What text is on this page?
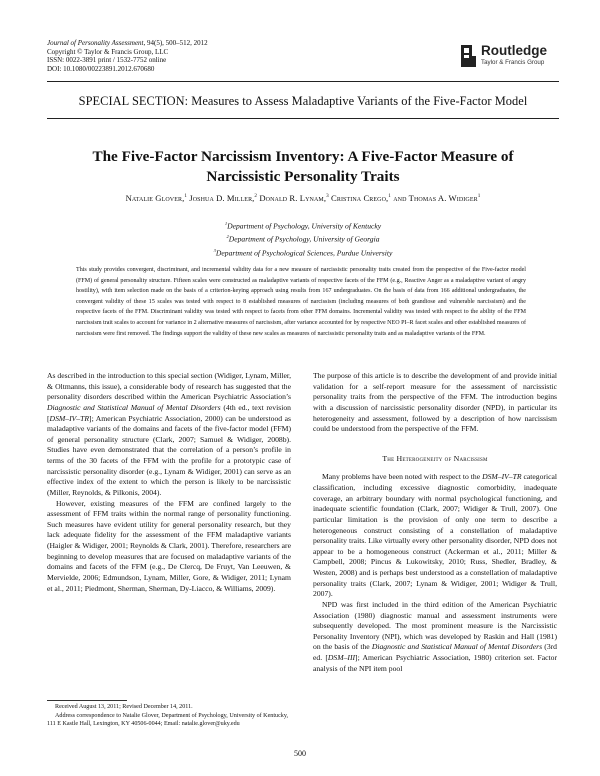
Journal of Personality Assessment, 94(5), 500–512, 2012
Copyright © Taylor & Francis Group, LLC
ISSN: 0022-3891 print / 1532-7752 online
DOI: 10.1080/00223891.2012.670680
Routledge
Taylor & Francis Group
SPECIAL SECTION: Measures to Assess Maladaptive Variants of the Five-Factor Model
The Five-Factor Narcissism Inventory: A Five-Factor Measure of
Narcissistic Personality Traits
Natalie Glover,$^1$ Joshua D. Miller,$^2$ Donald R. Lynam,$^3$ Cristina Crego,$^1$ and Thomas A. Widiger$^1$
$^1$Department of Psychology, University of Kentucky
$^2$Department of Psychology, University of Georgia
$^3$Department of Psychological Sciences, Purdue University
This study provides convergent, discriminant, and incremental validity data for a new measure of narcissistic personality traits created from the perspective of the Five-factor model (FFM) of general personality structure. Fifteen scales were constructed as maladaptive variants of respective facets of the FFM (e.g., Reactive Anger as a maladaptive variant of angry hostility), with item selection made on the basis of a criterion-keying approach using results from 167 undergraduates. On the basis of data from 166 additional undergraduates, the convergent validity of these 15 scales was tested with respect to 8 established measures of narcissism (including measures of both grandiose and vulnerable narcissism) and the respective facets of the FFM. Discriminant validity was tested with respect to facets from other FFM domains. Incremental validity was tested with respect to the ability of the FFM narcissism trait scales to account for variance in 2 alternative measures of narcissism, after variance accounted for by respective NEO PI–R facet scales and other established measures of narcissism were first removed. The findings support the validity of these new scales as measures of narcissistic personality traits and as maladaptive variants of the FFM.

As described in the introduction to this special section (Widiger, Lynam, Miller, & Oltmanns, this issue), a considerable body of research has suggested that the personality disorders described within the American Psychiatric Association’s Diagnostic and Statistical Manual of Mental Disorders (4th ed., text revision [DSM–IV–TR]; American Psychiatric Association, 2000) can be understood as maladaptive variants of the domains and facets of the five-factor model (FFM) of general personality structure (Clark, 2007; Samuel & Widiger, 2008b). Studies have even demonstrated that the correlation of a person’s profile in terms of the 30 facets of the FFM with the profile for a prototypic case of narcissistic personality disorder (e.g., Lynam & Widiger, 2001) can serve as an effective index of the extent to which the person is likely to be narcissistic (Miller, Reynolds, & Pilkonis, 2004).

However, existing measures of the FFM are confined largely to the assessment of FFM traits within the normal range of personality functioning. Such measures have evident utility for general personality research, but they lack adequate fidelity for the assessment of the FFM maladaptive variants (Haigler & Widiger, 2001; Reynolds & Clark, 2001). Therefore, researchers are beginning to develop measures that are focused on maladaptive variants of the domains and facets of the FFM (e.g., De Clercq, De Fruyt, Van Leeuwen, & Mervielde, 2006; Edmundson, Lynam, Miller, Gore, & Widiger, 2011; Lynam et al., 2011; Piedmont, Sherman, Sherman, Dy-Liacco, & Williams, 2009).

Received August 13, 2011; Revised December 14, 2011.

Address correspondence to Natalie Glover, Department of Psychology, University of Kentucky, 111 E Kastle Hall, Lexington, KY 40506-0044; Email: natalie.glover@uky.edu

The purpose of this article is to describe the development of and provide initial validation for a self-report measure for the assessment of narcissistic personality traits from the perspective of the FFM. The introduction begins with a discussion of narcissistic personality disorder (NPD), in particular its heterogeneity and assessment, followed by a description of how narcissism could be understood from the perspective of the FFM.

The Heterogeneity of Narcissism

Many problems have been noted with respect to the DSM–IV–TR categorical classification, including excessive diagnostic comorbidity, inadequate coverage, an arbitrary boundary with normal psychological functioning, and inadequate scientific foundation (Clark, 2007; Widiger & Trull, 2007). One particular limitation is the provision of only one term to describe a heterogeneous construct consisting of a constellation of maladaptive personality traits. Like virtually every other personality disorder, NPD does not appear to be a homogeneous construct (Ackerman et al., 2011; Miller & Campbell, 2008; Pincus & Lukowitsky, 2010; Russ, Shedler, Bradley, & Westen, 2008) and is perhaps best understood as a constellation of maladaptive personality traits (Clark, 2007; Lynam & Widiger, 2001; Widiger & Trull, 2007).

NPD was first included in the third edition of the American Psychiatric Association (1980) diagnostic manual and assessment instruments were subsequently developed. The most prominent measure is the Narcissistic Personality Inventory (NPI), which was developed by Raskin and Hall (1981) on the basis of the Diagnostic and Statistical Manual of Mental Disorders (3rd ed. [DSM–III]; American Psychiatric Association, 1980) criterion set. Factor analysis of the NPI item pool

500
